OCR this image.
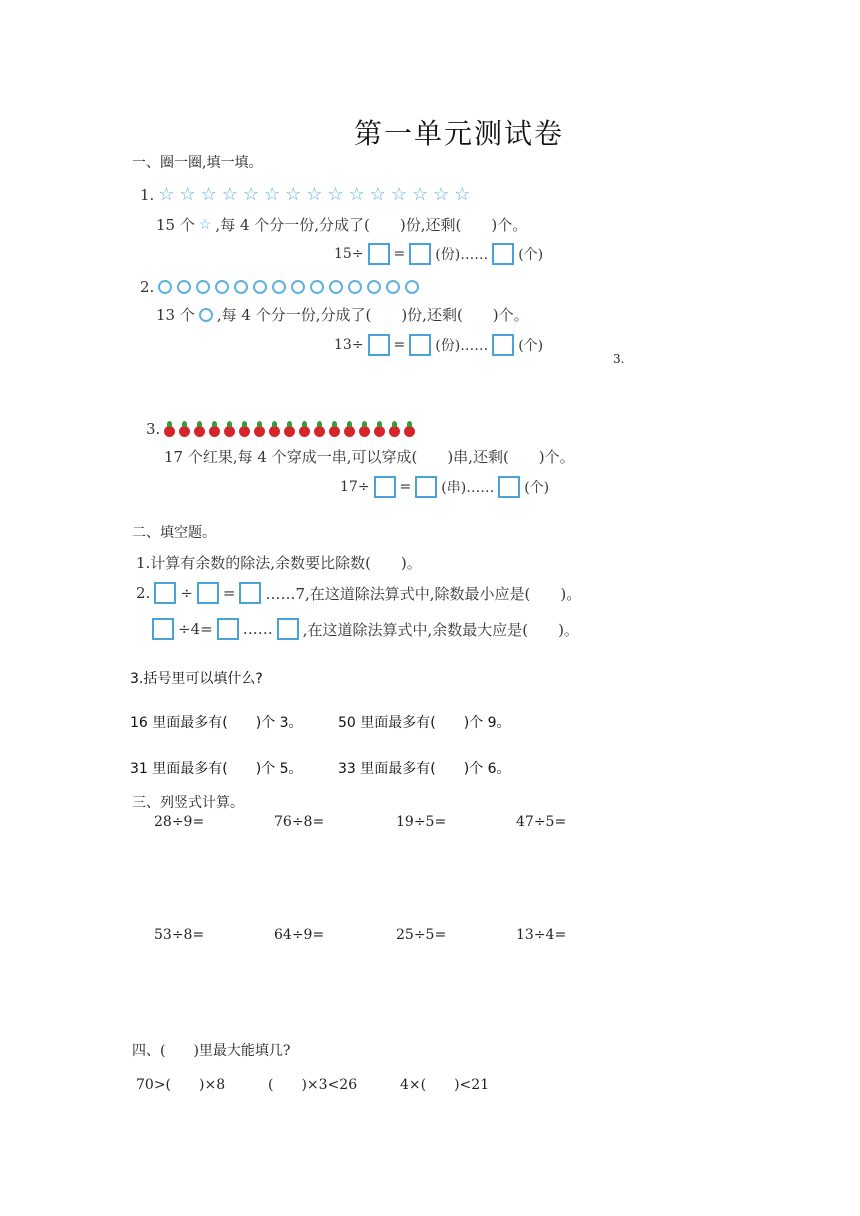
第一单元测试卷
一、圈一圈,填一填。
1. ☆ ☆ ☆ ☆ ☆ ☆ ☆ ☆ ☆ ☆ ☆ ☆ ☆ ☆ ☆
15 个 ☆ ,每 4 个分一份,分成了(　　)份,还剩(　　)个。
15÷ = (份)…… (个)
2.
13 个 ,每 4 个分一份,分成了(　　)份,还剩(　　)个。
13÷ = (份)…… (个)
3.
3.
17 个红果,每 4 个穿成一串,可以穿成(　　)串,还剩(　　)个。
17÷ = (串)…… (个)
二、填空题。
1.计算有余数的除法,余数要比除数(　　)。
2. ÷ = ……7,在这道除法算式中,除数最小应是(　　)。
÷4= …… ,在这道除法算式中,余数最大应是(　　)。
3.括号里可以填什么?
16 里面最多有(　　)个 3。	50 里面最多有(　　)个 9。
31 里面最多有(　　)个 5。	33 里面最多有(　　)个 6。
三、列竖式计算。
28÷9=	76÷8=	19÷5=	47÷5=
53÷8=	64÷9=	25÷5=	13÷4=
四、(　　)里最大能填几?
70>(　　)×8	(　　)×3<26	4×(　　)<21
